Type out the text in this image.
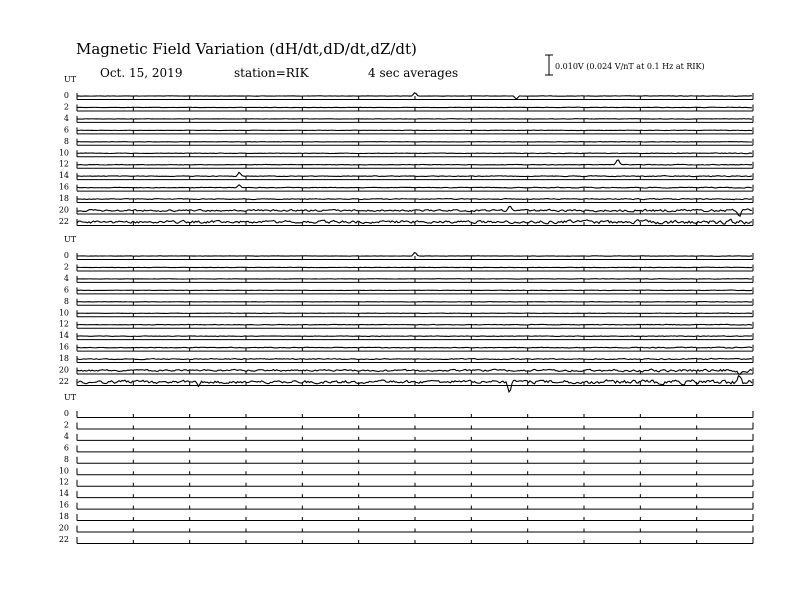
Magnetic Field Variation (dH/dt,dD/dt,dZ/dt)
Oct. 15, 2019	station=RIK	4 sec averages	0.010V (0.024 V/nT at 0.1 Hz at RIK)
UT
0
2
4
6
8
10
12
14
16
18
20
22
UT
0
2
4
6
8
10
12
14
16
18
20
22
UT
0
2
4
6
8
10
12
14
16
18
20
22
